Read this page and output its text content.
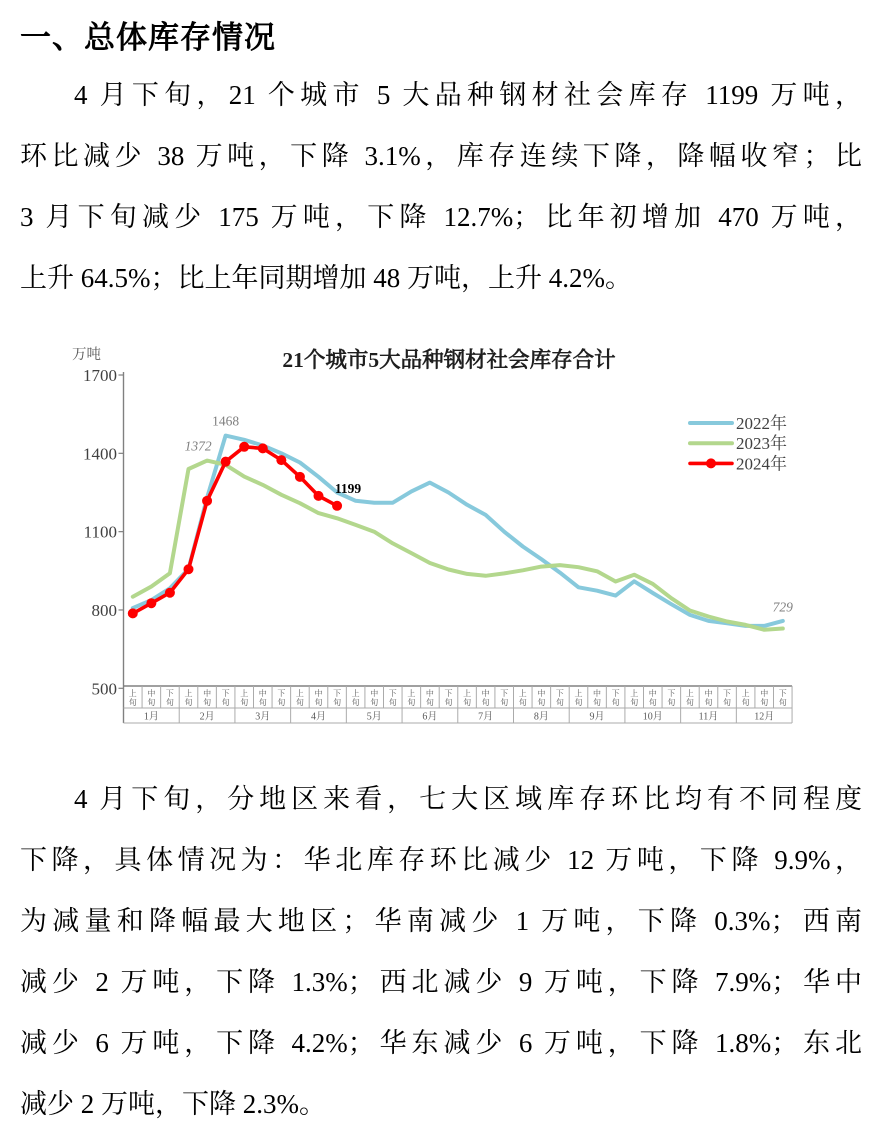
一、总体库存情况
4 月下旬，21 个城市 5 大品种钢材社会库存 1199 万吨，
环比减少 38 万吨，下降 3.1%，库存连续下降，降幅收窄；比
3 月下旬减少 175 万吨，下降 12.7%；比年初增加 470 万吨，
上升 64.5%；比上年同期增加 48 万吨，上升 4.2%。
21个城市5大品种钢材社会库存合计
万吨
500
800
1100
1400
1700
上
旬
中
旬
下
旬
上
旬
中
旬
下
旬
上
旬
中
旬
下
旬
上
旬
中
旬
下
旬
上
旬
中
旬
下
旬
上
旬
中
旬
下
旬
上
旬
中
旬
下
旬
上
旬
中
旬
下
旬
上
旬
中
旬
下
旬
上
旬
中
旬
下
旬
上
旬
中
旬
下
旬
上
旬
中
旬
下
旬
1月	2月	3月	4月	5月	6月	7月	8月	9月	10月	11月	12月
1468
1372
1199
729
2022年
2023年
2024年
4 月下旬，分地区来看，七大区域库存环比均有不同程度
下降，具体情况为：华北库存环比减少 12 万吨，下降 9.9%，
为减量和降幅最大地区；华南减少 1 万吨，下降 0.3%；西南
减少 2 万吨，下降 1.3%；西北减少 9 万吨，下降 7.9%；华中
减少 6 万吨，下降 4.2%；华东减少 6 万吨，下降 1.8%；东北
减少 2 万吨，下降 2.3%。
